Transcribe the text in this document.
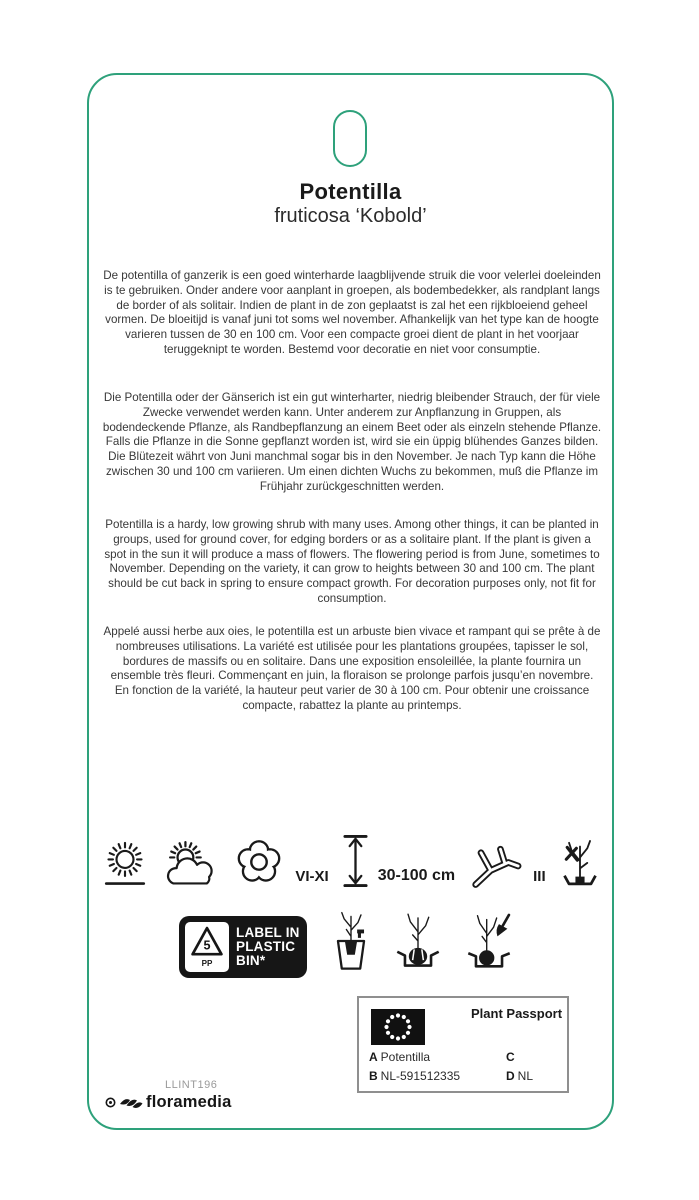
Potentilla
fruticosa ‘Kobold’

De potentilla of ganzerik is een goed winterharde laagblijvende struik die voor velerlei doeleinden is te gebruiken. Onder andere voor aanplant in groepen, als bodembedekker, als randplant langs de border of als solitair. Indien de plant in de zon geplaatst is zal het een rijkbloeiend geheel vormen. De bloeitijd is vanaf juni tot soms wel november. Afhankelijk van het type kan de hoogte varieren tussen de 30 en 100 cm. Voor een compacte groei dient de plant in het voorjaar teruggeknipt te worden. Bestemd voor decoratie en niet voor consumptie.

Die Potentilla oder der Gänserich ist ein gut winterharter, niedrig bleibender Strauch, der für viele Zwecke verwendet werden kann. Unter anderem zur Anpflanzung in Gruppen, als bodendeckende Pflanze, als Randbepflanzung an einem Beet oder als einzeln stehende Pflanze. Falls die Pflanze in die Sonne gepflanzt worden ist, wird sie ein üppig blühendes Ganzes bilden. Die Blütezeit währt von Juni manchmal sogar bis in den November. Je nach Typ kann die Höhe zwischen 30 und 100 cm variieren. Um einen dichten Wuchs zu bekommen, muß die Pflanze im Frühjahr zurückgeschnitten werden.

Potentilla is a hardy, low growing shrub with many uses. Among other things, it can be planted in groups, used for ground cover, for edging borders or as a solitaire plant. If the plant is given a spot in the sun it will produce a mass of flowers. The flowering period is from June, sometimes to November. Depending on the variety, it can grow to heights between 30 and 100 cm. The plant should be cut back in spring to ensure compact growth. For decoration purposes only, not fit for consumption.

Appelé aussi herbe aux oies, le potentilla est un arbuste bien vivace et rampant qui se prête à de nombreuses utilisations. La variété est utilisée pour les plantations groupées, tapisser le sol, bordures de massifs ou en solitaire. Dans une exposition ensoleillée, la plante fournira un ensemble très fleuri. Commençant en juin, la floraison se prolonge parfois jusqu’en novembre. En fonction de la variété, la hauteur peut varier de 30 à 100 cm. Pour obtenir une croissance compacte, rabattez la plante au printemps.

VI-XI	30-100 cm	III
5
PP
LABEL IN
PLASTIC
BIN*
Plant Passport
A Potentilla	C
B NL-591512335	D NL
LLINT196
floramedia
